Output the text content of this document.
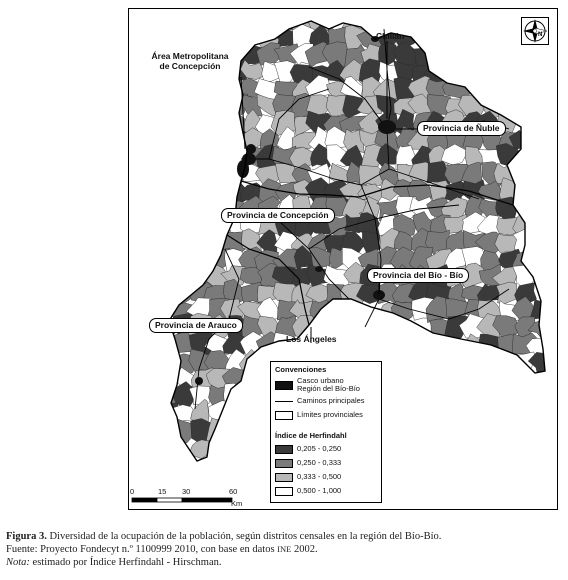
N
Chillán
Área Metropolitana
de Concepción
Provincia de Ñuble
Provincia de Concepción
Provincia del Bío - Bío
Provincia de Arauco
Los Ángeles
Convenciones
Casco urbano
Región del Bío-Bío
Caminos principales
Límites provinciales
Índice de Herfindahl
0,205 - 0,250
0,250 - 0,333
0,333 - 0,500
0,500 - 1,000
0	15 30	60
Km
Figura 3. Diversidad de la ocupación de la población, según distritos censales en la región del Bío-Bío.
Fuente: Proyecto Fondecyt n.º 1100999 2010, con base en datos INE 2002.
Nota: estimado por Índice Herfindahl - Hirschman.
